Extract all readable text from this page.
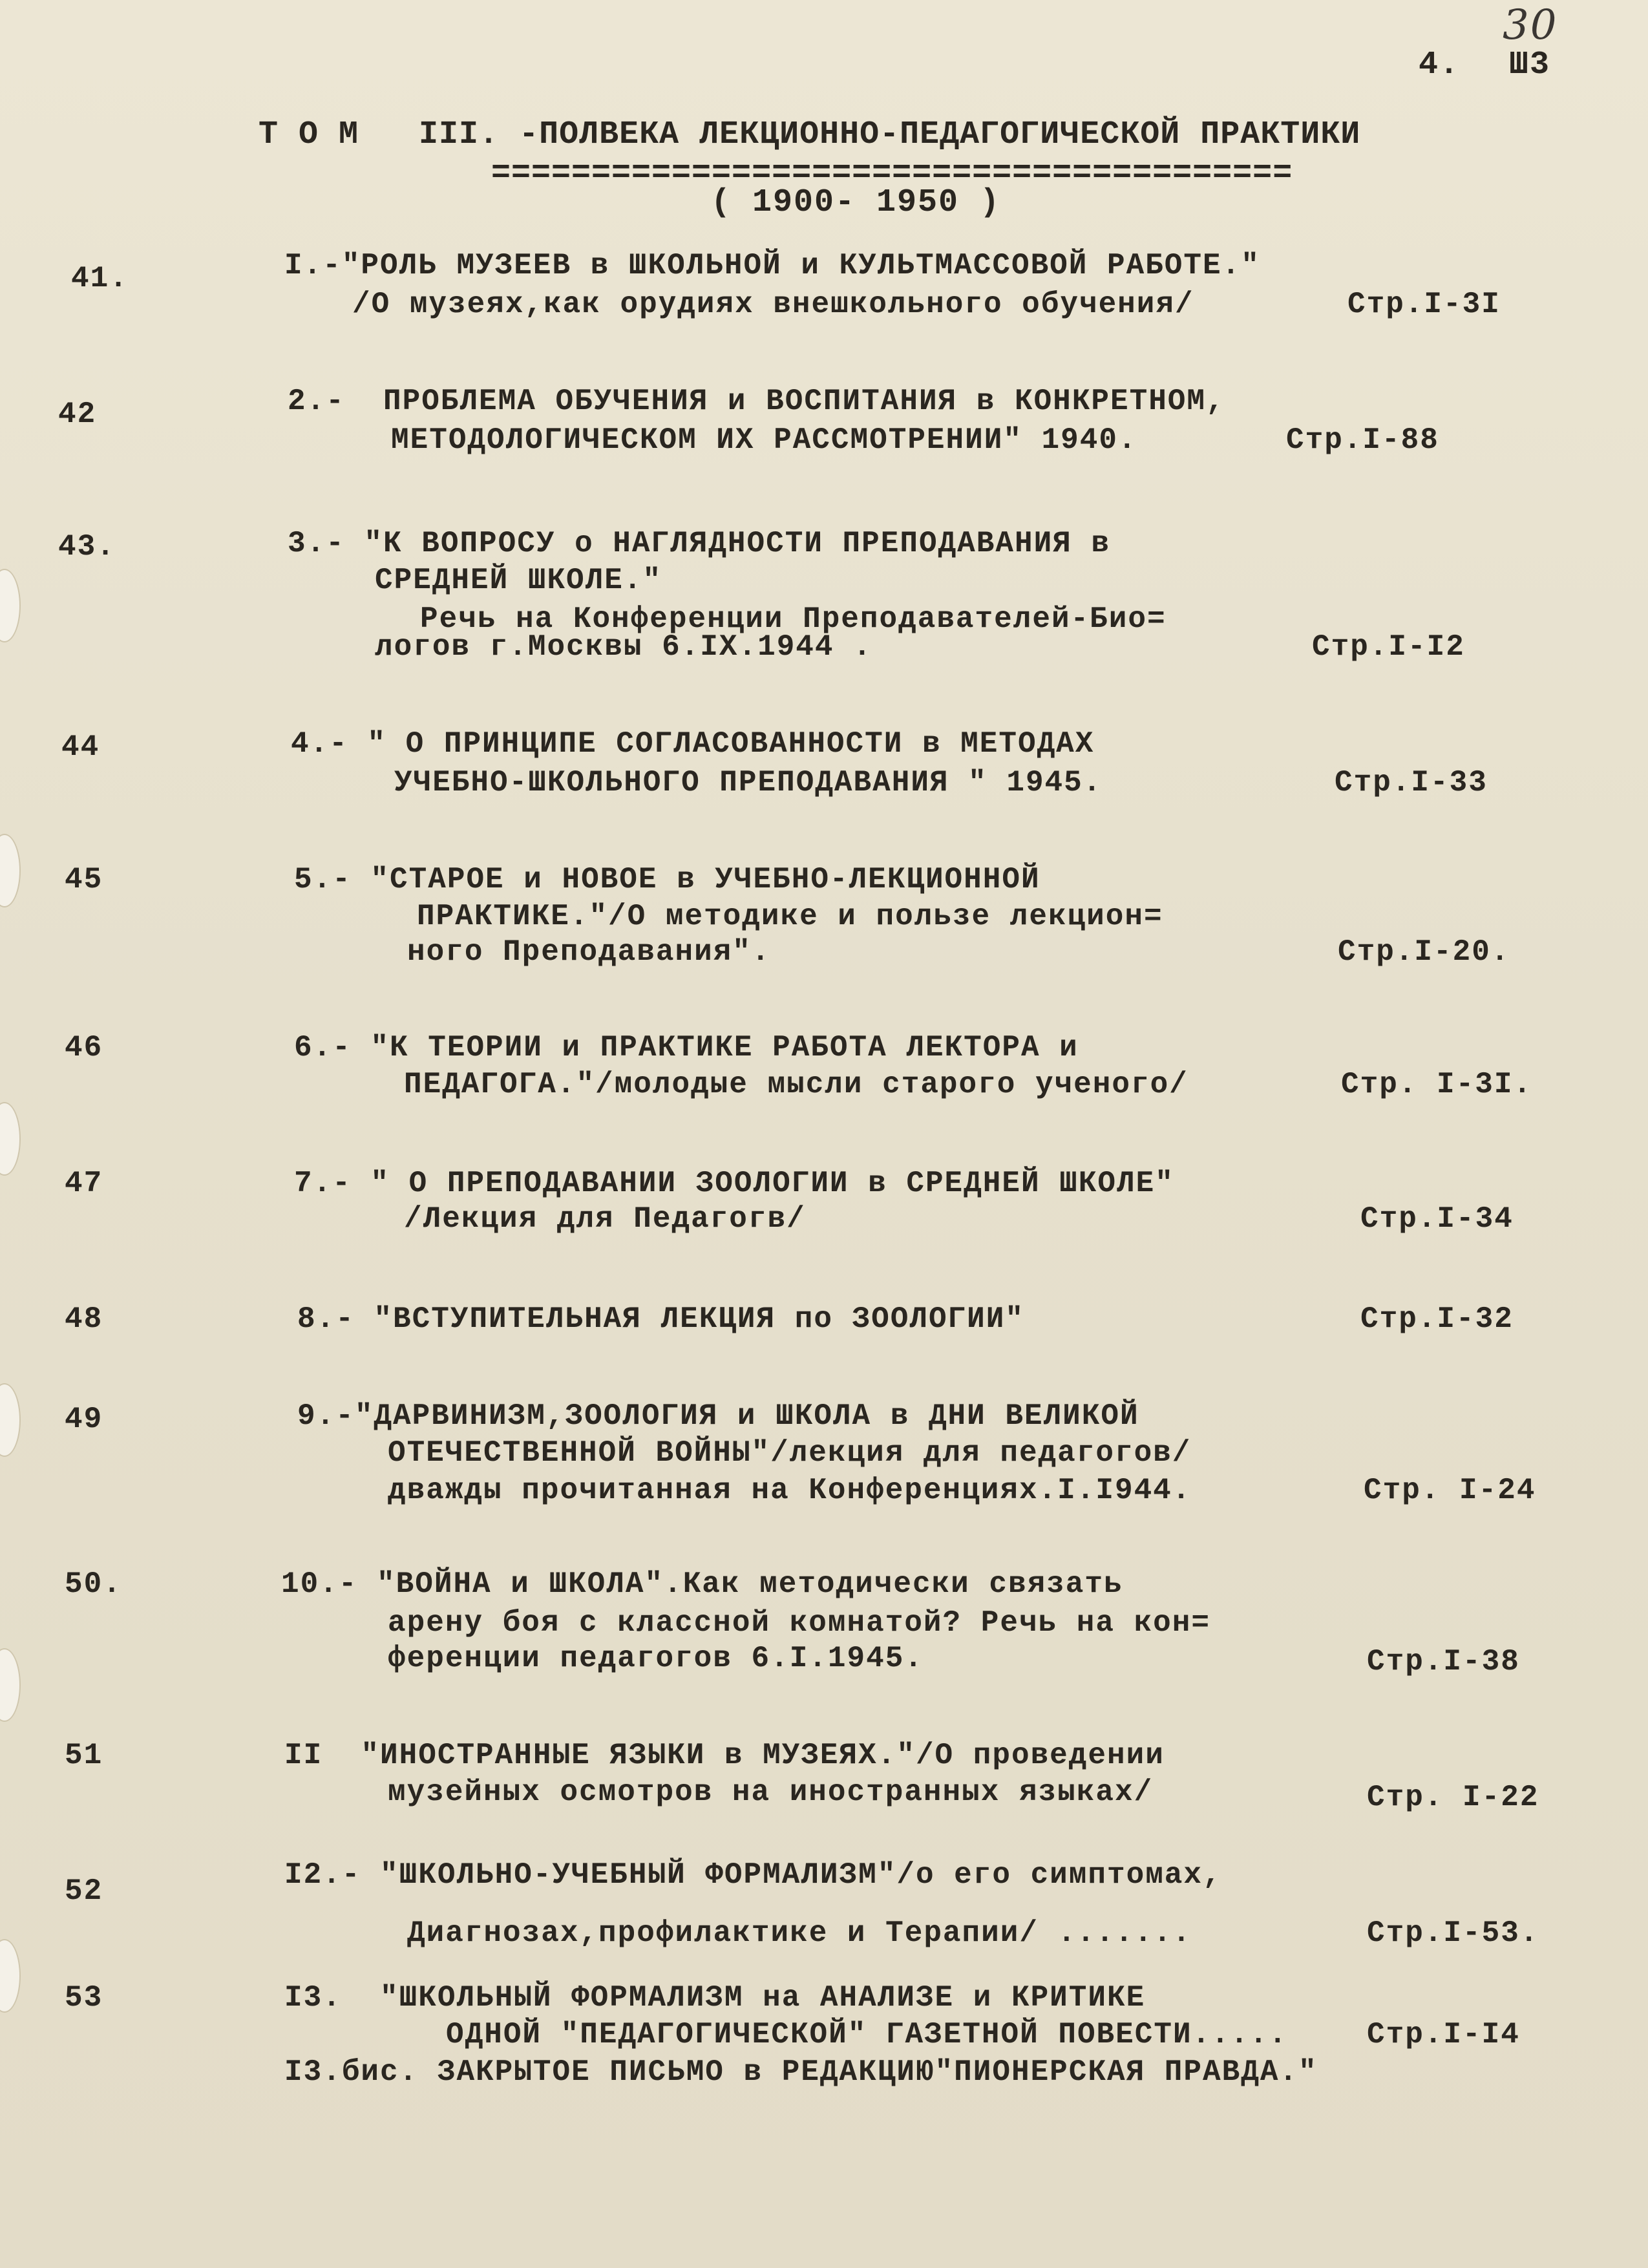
4. Ш3
30
Т О М   III. -ПОЛВЕКА ЛЕКЦИОННО-ПЕДАГОГИЧЕСКОЙ ПРАКТИКИ
========================================
( 1900- 1950 )
41.	I.-"РОЛЬ МУЗЕЕВ в ШКОЛЬНОЙ и КУЛЬТМАССОВОЙ РАБОТЕ."
/О музеях,как орудиях внешкольного обучения/	Стр.I-3I
42	2.-  ПРОБЛЕМА ОБУЧЕНИЯ и ВОСПИТАНИЯ в КОНКРЕТНОМ,
МЕТОДОЛОГИЧЕСКОМ ИХ РАССМОТРЕНИИ" 1940.	Стр.I-88
43.	3.- "К ВОПРОСУ о НАГЛЯДНОСТИ ПРЕПОДАВАНИЯ в
СРЕДНЕЙ ШКОЛЕ."
Речь на Конференции Преподавателей-Био=
логов г.Москвы 6.IX.1944 .	Стр.I-I2
44	4.- " О ПРИНЦИПЕ СОГЛАСОВАННОСТИ в МЕТОДАХ
УЧЕБНО-ШКОЛЬНОГО ПРЕПОДАВАНИЯ " 1945.	Стр.I-33
45	5.- "СТАРОЕ и НОВОЕ в УЧЕБНО-ЛЕКЦИОННОЙ
ПРАКТИКЕ."/О методике и пользе лекцион=
ного Преподавания".	Стр.I-20.
46	6.- "К ТЕОРИИ и ПРАКТИКЕ РАБОТА ЛЕКТОРА и
ПЕДАГОГА."/молодые мысли старого ученого/	Стр. I-3I.
47	7.- " О ПРЕПОДАВАНИИ ЗООЛОГИИ в СРЕДНЕЙ ШКОЛЕ"
/Лекция для Педагогв/	Стр.I-34
48	8.- "ВСТУПИТЕЛЬНАЯ ЛЕКЦИЯ по ЗООЛОГИИ"	Стр.I-32
49	9.-"ДАРВИНИЗМ,ЗООЛОГИЯ и ШКОЛА в ДНИ ВЕЛИКОЙ
ОТЕЧЕСТВЕННОЙ ВОЙНЫ"/лекция для педагогов/
дважды прочитанная на Конференциях.I.I944.	Стр. I-24
50.	10.- "ВОЙНА и ШКОЛА".Как методически связать
арену боя с классной комнатой? Речь на кон=
ференции педагогов 6.I.1945.	Стр.I-38
51	II  "ИНОСТРАННЫЕ ЯЗЫКИ в МУЗЕЯХ."/О проведении
музейных осмотров на иностранных языках/	Стр. I-22
52	I2.- "ШКОЛЬНО-УЧЕБНЫЙ ФОРМАЛИЗМ"/о его симптомах,
Диагнозах,профилактике и Терапии/ .......	Стр.I-53.
53	I3.  "ШКОЛЬНЫЙ ФОРМАЛИЗМ на АНАЛИЗЕ и КРИТИКЕ
ОДНОЙ "ПЕДАГОГИЧЕСКОЙ" ГАЗЕТНОЙ ПОВЕСТИ.....	Стр.I-I4
I3.бис. ЗАКРЫТОЕ ПИСЬМО в РЕДАКЦИЮ"ПИОНЕРСКАЯ ПРАВДА."
